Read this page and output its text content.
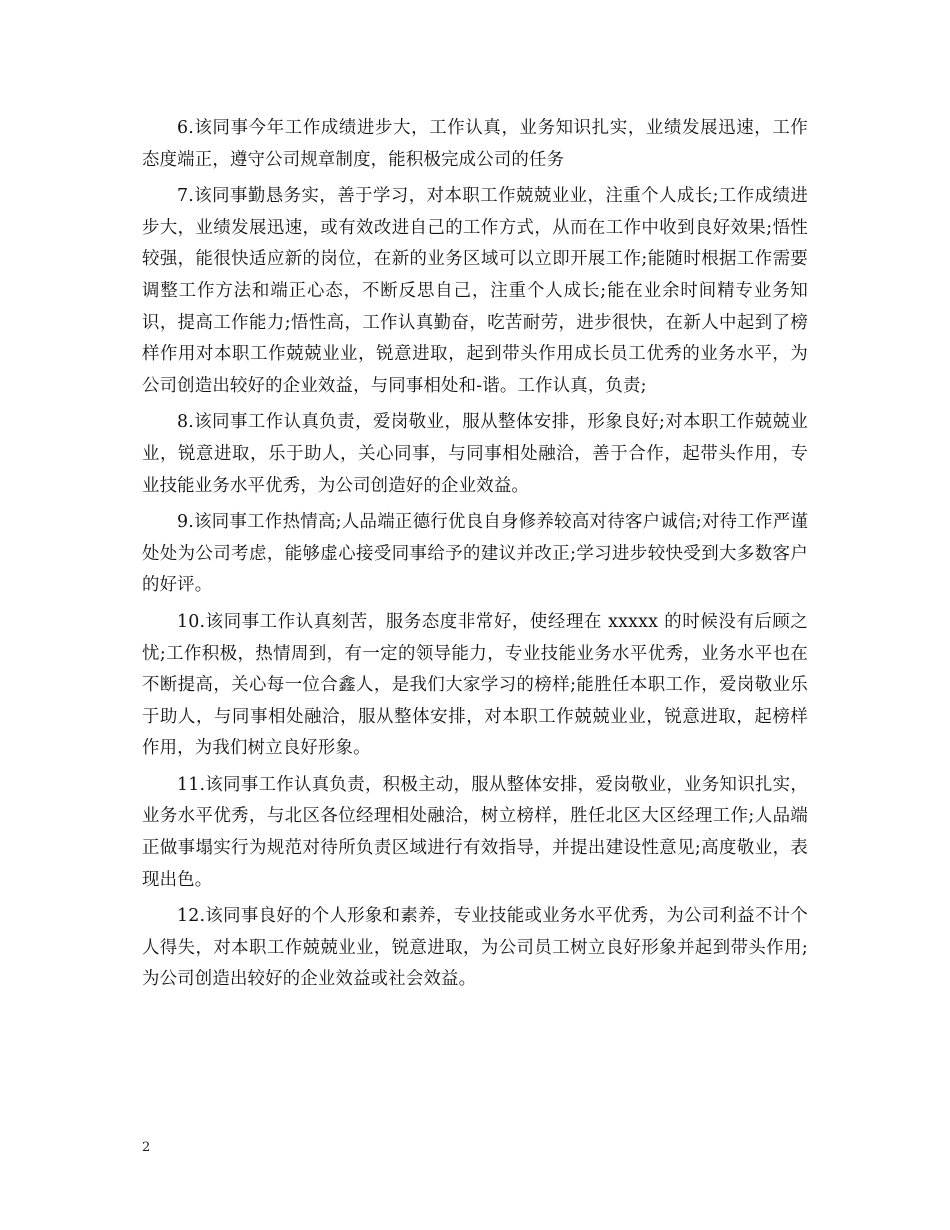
6.该同事今年工作成绩进步大，工作认真，业务知识扎实，业绩发展迅速，工作态度端正，遵守公司规章制度，能积极完成公司的任务

7.该同事勤恳务实，善于学习，对本职工作兢兢业业，注重个人成长;工作成绩进步大，业绩发展迅速，或有效改进自己的工作方式，从而在工作中收到良好效果;悟性较强，能很快适应新的岗位，在新的业务区域可以立即开展工作;能随时根据工作需要调整工作方法和端正心态，不断反思自己，注重个人成长;能在业余时间精专业务知识，提高工作能力;悟性高，工作认真勤奋，吃苦耐劳，进步很快，在新人中起到了榜样作用对本职工作兢兢业业，锐意进取，起到带头作用成长员工优秀的业务水平，为公司创造出较好的企业效益，与同事相处和-谐。工作认真，负责;

8.该同事工作认真负责，爱岗敬业，服从整体安排，形象良好;对本职工作兢兢业业，锐意进取，乐于助人，关心同事，与同事相处融洽，善于合作，起带头作用，专业技能业务水平优秀，为公司创造好的企业效益。

9.该同事工作热情高;人品端正德行优良自身修养较高对待客户诚信;对待工作严谨处处为公司考虑，能够虚心接受同事给予的建议并改正;学习进步较快受到大多数客户的好评。

10.该同事工作认真刻苦，服务态度非常好，使经理在 xxxxx 的时候没有后顾之忧;工作积极，热情周到，有一定的领导能力，专业技能业务水平优秀，业务水平也在不断提高，关心每一位合鑫人，是我们大家学习的榜样;能胜任本职工作，爱岗敬业乐于助人，与同事相处融洽，服从整体安排，对本职工作兢兢业业，锐意进取，起榜样作用，为我们树立良好形象。

11.该同事工作认真负责，积极主动，服从整体安排，爱岗敬业，业务知识扎实，业务水平优秀，与北区各位经理相处融洽，树立榜样，胜任北区大区经理工作;人品端正做事塌实行为规范对待所负责区域进行有效指导，并提出建设性意见;高度敬业，表现出色。

12.该同事良好的个人形象和素养，专业技能或业务水平优秀，为公司利益不计个人得失，对本职工作兢兢业业，锐意进取，为公司员工树立良好形象并起到带头作用;为公司创造出较好的企业效益或社会效益。

2
